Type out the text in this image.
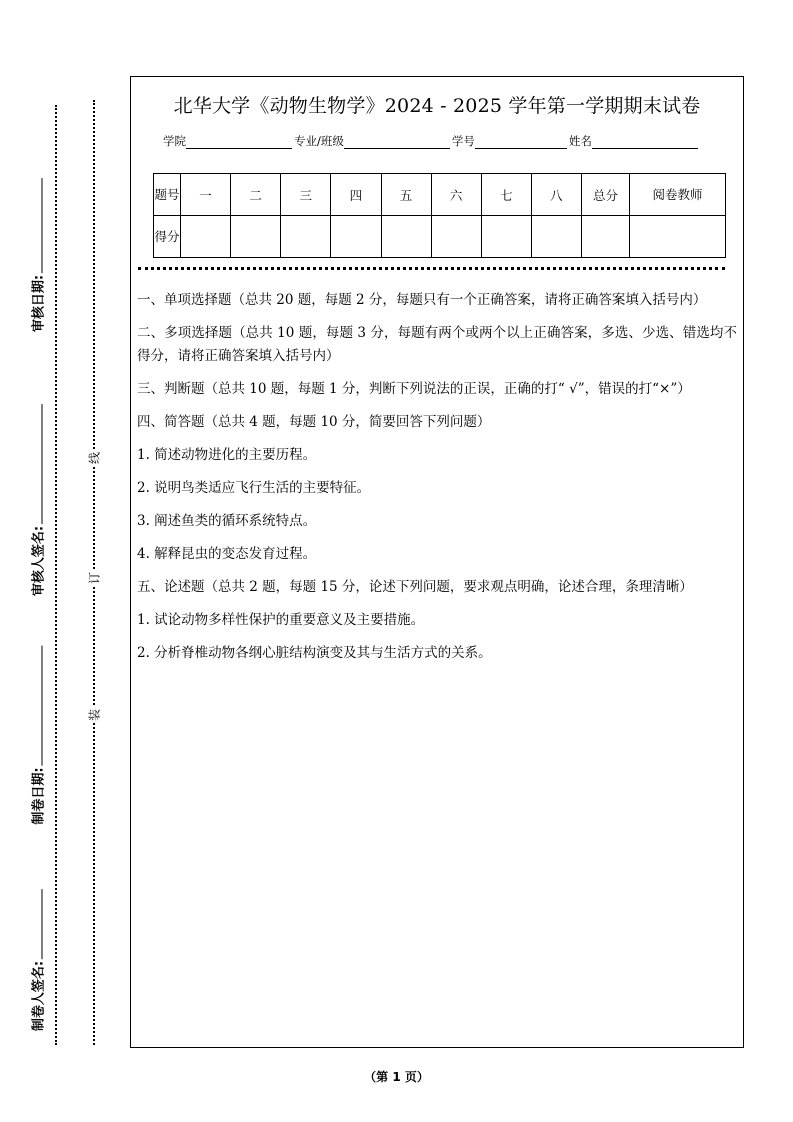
审核日期:
审核人签名:
制卷日期:
制卷人签名:
线
订
装
北华大学《动物生物学》2024 - 2025 学年第一学期期末试卷
学院	专业/班级	学号	姓名
题号	一	二	三	四	五	六	七	八	总分	阅卷教师
得分										

一、单项选择题（总共 20 题，每题 2 分，每题只有一个正确答案，请将正确答案填入括号内）

二、多项选择题（总共 10 题，每题 3 分，每题有两个或两个以上正确答案，多选、少选、错选均不得分，请将正确答案填入括号内）

三、判断题（总共 10 题，每题 1 分，判断下列说法的正误，正确的打“ √”，错误的打“×”）

四、简答题（总共 4 题，每题 10 分，简要回答下列问题）

1. 简述动物进化的主要历程。

2. 说明鸟类适应飞行生活的主要特征。

3. 阐述鱼类的循环系统特点。

4. 解释昆虫的变态发育过程。

五、论述题（总共 2 题，每题 15 分，论述下列问题，要求观点明确，论述合理，条理清晰）

1. 试论动物多样性保护的重要意义及主要措施。

2. 分析脊椎动物各纲心脏结构演变及其与生活方式的关系。

（第 1 页）
